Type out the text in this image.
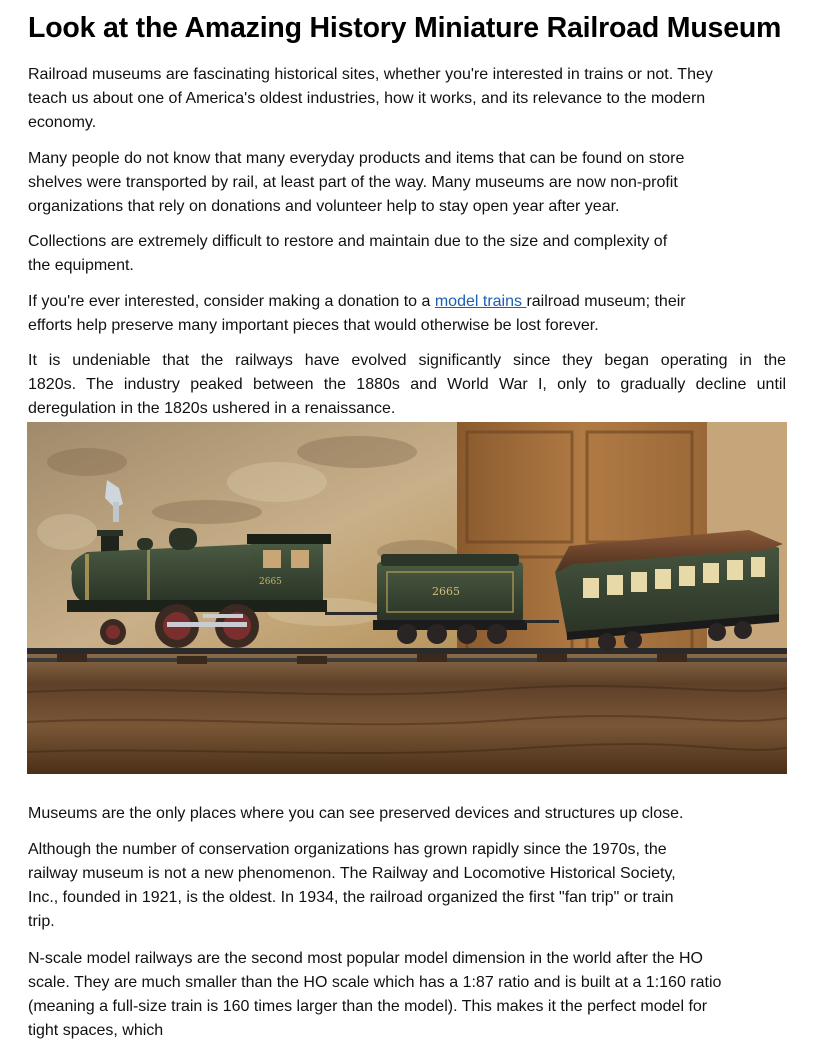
Look at the Amazing History Miniature Railroad Museum
Railroad museums are fascinating historical sites, whether you're interested in trains or not. They
teach us about one of America's oldest industries, how it works, and its relevance to the modern
economy.
Many people do not know that many everyday products and items that can be found on store
shelves were transported by rail, at least part of the way. Many museums are now non-profit
organizations that rely on donations and volunteer help to stay open year after year.
Collections are extremely difficult to restore and maintain due to the size and complexity of
the equipment.
If you're ever interested, consider making a donation to a model trains railroad museum; their
efforts help preserve many important pieces that would otherwise be lost forever.
It is undeniable that the railways have evolved significantly since they began operating in the
1820s. The industry peaked between the 1880s and World War I, only to gradually decline until
deregulation in the 1820s ushered in a renaissance.
2665
2665
Museums are the only places where you can see preserved devices and structures up close.
Although the number of conservation organizations has grown rapidly since the 1970s, the
railway museum is not a new phenomenon. The Railway and Locomotive Historical Society,
Inc., founded in 1921, is the oldest. In 1934, the railroad organized the first "fan trip" or train
trip.
N-scale model railways are the second most popular model dimension in the world after the HO
scale. They are much smaller than the HO scale which has a 1:87 ratio and is built at a 1:160 ratio
(meaning a full-size train is 160 times larger than the model). This makes it the perfect model for
tight spaces, which
